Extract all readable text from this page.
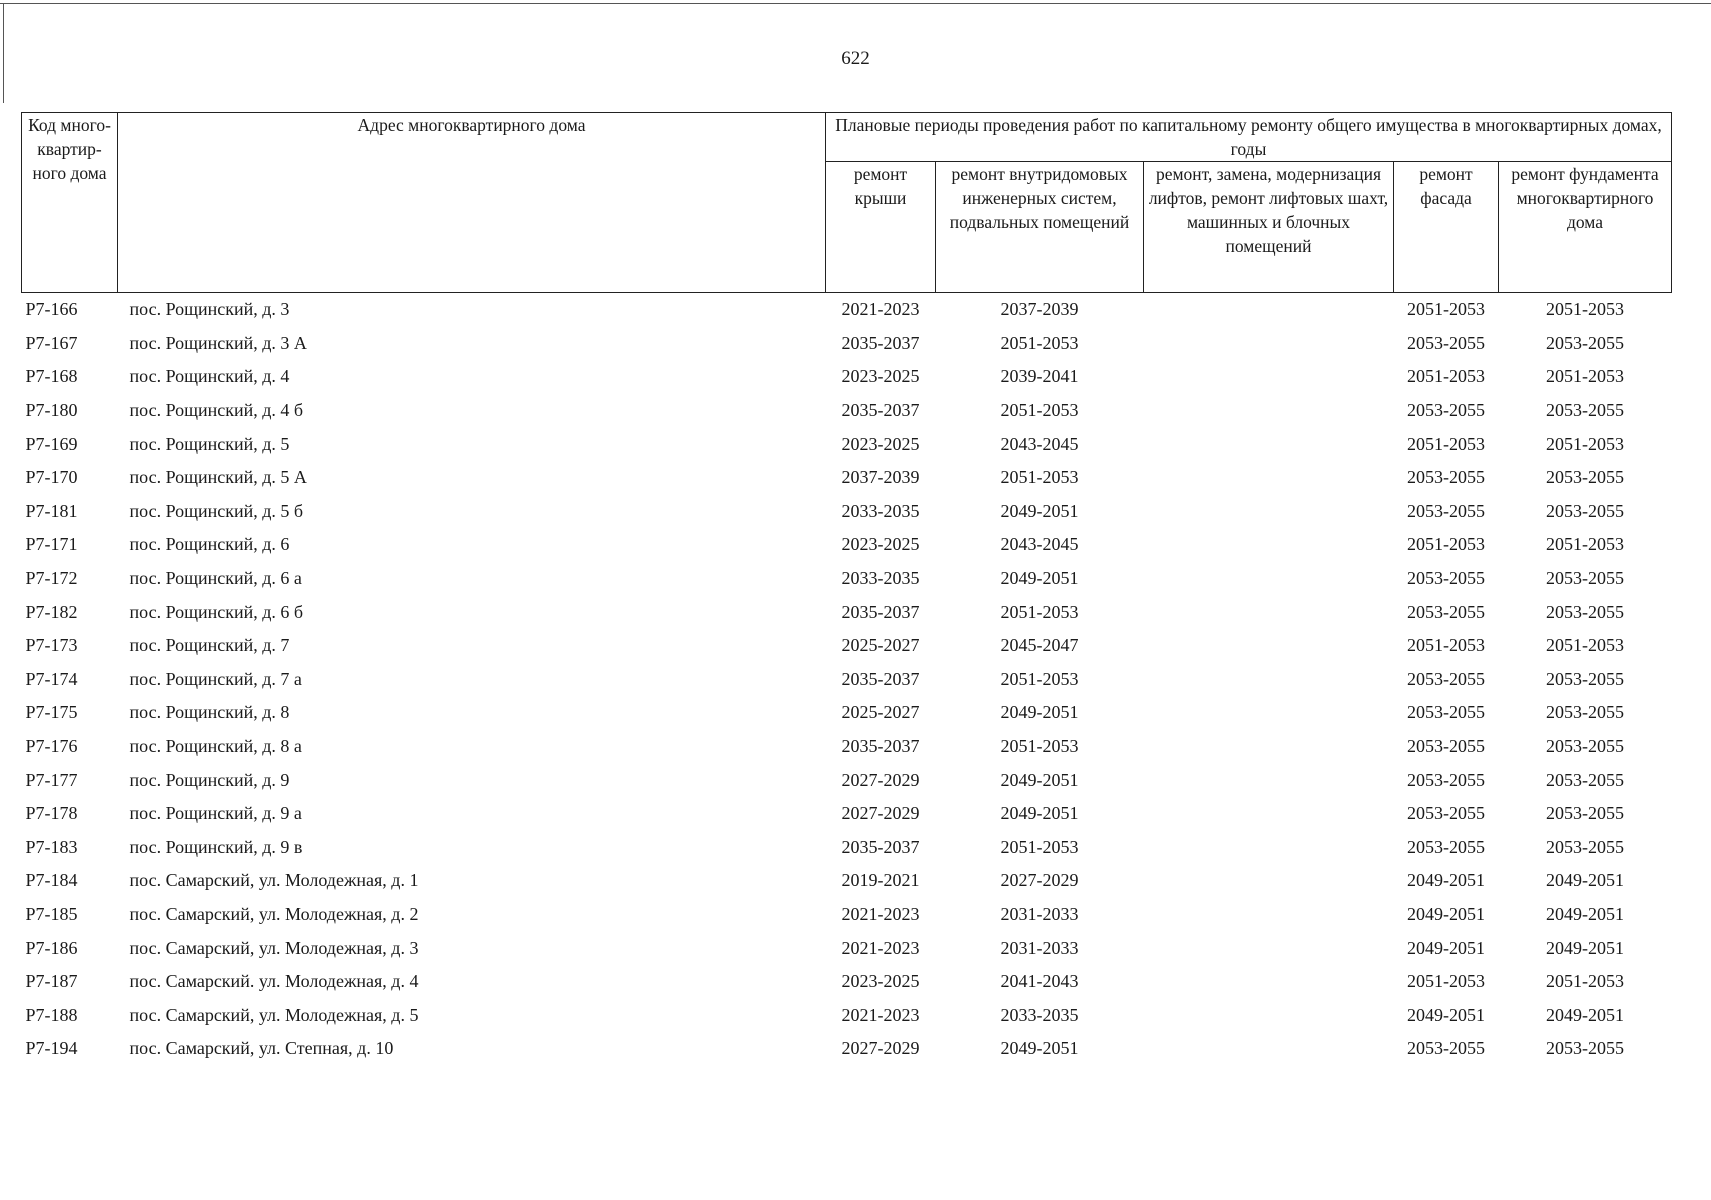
622
Код много-квартир-ного дома	Адрес многоквартирного дома	Плановые периоды проведения работ по капитальному ремонту общего имущества в многоквартирных домах, годы				
		ремонт крыши	ремонт внутридомовых инженерных систем, подвальных помещений	ремонт, замена, модернизация лифтов, ремонт лифтовых шахт, машинных и блочных помещений	ремонт фасада	ремонт фундамента многоквартирного дома
Р7-166	пос. Рощинский, д. 3	2021-2023	2037-2039		2051-2053	2051-2053
Р7-167	пос. Рощинский, д. 3 А	2035-2037	2051-2053		2053-2055	2053-2055
Р7-168	пос. Рощинский, д. 4	2023-2025	2039-2041		2051-2053	2051-2053
Р7-180	пос. Рощинский, д. 4 б	2035-2037	2051-2053		2053-2055	2053-2055
Р7-169	пос. Рощинский, д. 5	2023-2025	2043-2045		2051-2053	2051-2053
Р7-170	пос. Рощинский, д. 5 А	2037-2039	2051-2053		2053-2055	2053-2055
Р7-181	пос. Рощинский, д. 5 б	2033-2035	2049-2051		2053-2055	2053-2055
Р7-171	пос. Рощинский, д. 6	2023-2025	2043-2045		2051-2053	2051-2053
Р7-172	пос. Рощинский, д. 6 а	2033-2035	2049-2051		2053-2055	2053-2055
Р7-182	пос. Рощинский, д. 6 б	2035-2037	2051-2053		2053-2055	2053-2055
Р7-173	пос. Рощинский, д. 7	2025-2027	2045-2047		2051-2053	2051-2053
Р7-174	пос. Рощинский, д. 7 а	2035-2037	2051-2053		2053-2055	2053-2055
Р7-175	пос. Рощинский, д. 8	2025-2027	2049-2051		2053-2055	2053-2055
Р7-176	пос. Рощинский, д. 8 а	2035-2037	2051-2053		2053-2055	2053-2055
Р7-177	пос. Рощинский, д. 9	2027-2029	2049-2051		2053-2055	2053-2055
Р7-178	пос. Рощинский, д. 9 а	2027-2029	2049-2051		2053-2055	2053-2055
Р7-183	пос. Рощинский, д. 9 в	2035-2037	2051-2053		2053-2055	2053-2055
Р7-184	пос. Самарский, ул. Молодежная, д. 1	2019-2021	2027-2029		2049-2051	2049-2051
Р7-185	пос. Самарский, ул. Молодежная, д. 2	2021-2023	2031-2033		2049-2051	2049-2051
Р7-186	пос. Самарский, ул. Молодежная, д. 3	2021-2023	2031-2033		2049-2051	2049-2051
Р7-187	пос. Самарский. ул. Молодежная, д. 4	2023-2025	2041-2043		2051-2053	2051-2053
Р7-188	пос. Самарский, ул. Молодежная, д. 5	2021-2023	2033-2035		2049-2051	2049-2051
Р7-194	пос. Самарский, ул. Степная, д. 10	2027-2029	2049-2051		2053-2055	2053-2055
